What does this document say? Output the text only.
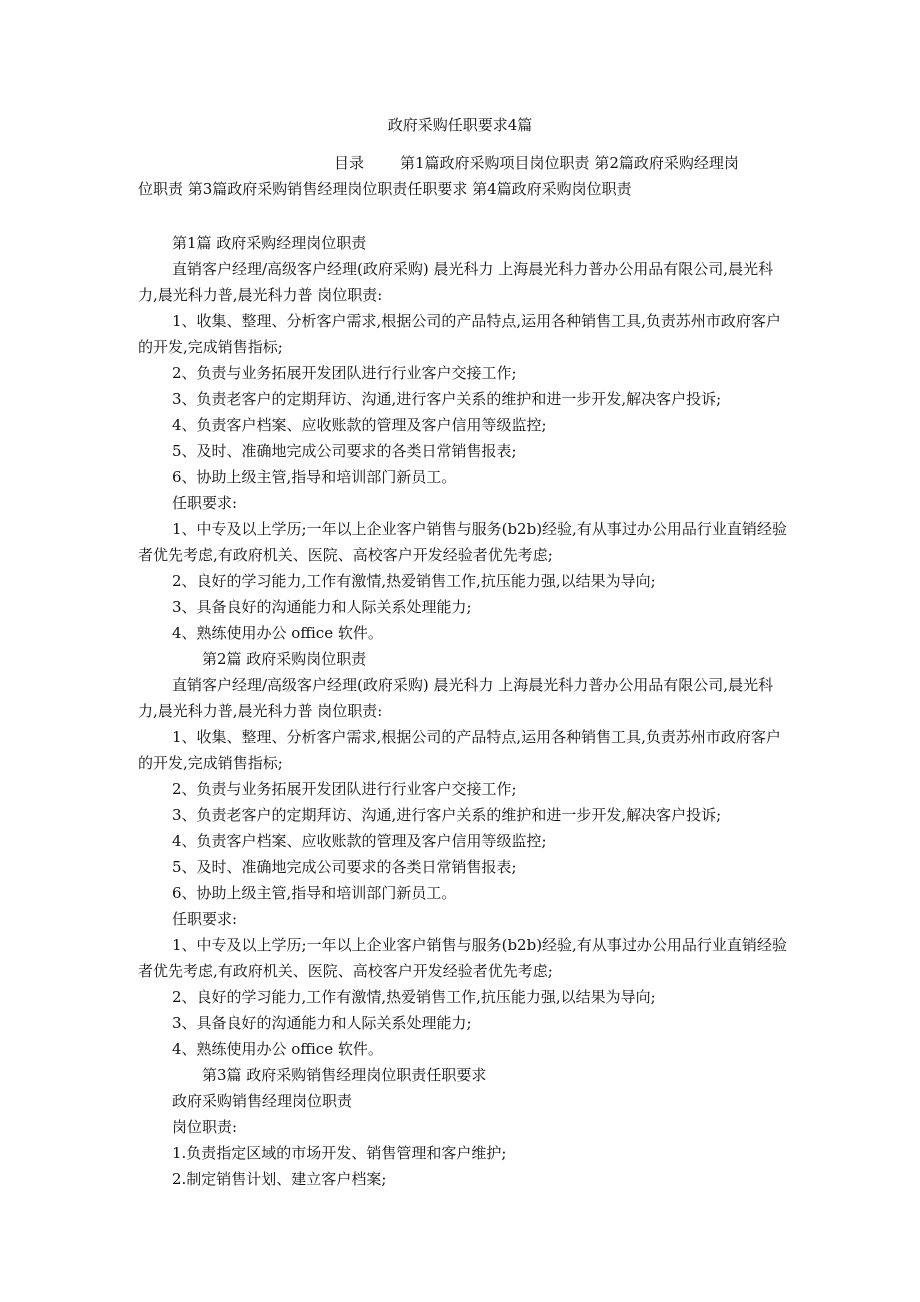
政府采购任职要求4篇
目录 第1篇政府采购项目岗位职责 第2篇政府采购经理岗
位职责 第3篇政府采购销售经理岗位职责任职要求 第4篇政府采购岗位职责

第1篇 政府采购经理岗位职责

直销客户经理/高级客户经理(政府采购) 晨光科力 上海晨光科力普办公用品有限公司,晨光科力,晨光科力普,晨光科力普 岗位职责:

1、收集、整理、分析客户需求,根据公司的产品特点,运用各种销售工具,负责苏州市政府客户的开发,完成销售指标;

2、负责与业务拓展开发团队进行行业客户交接工作;

3、负责老客户的定期拜访、沟通,进行客户关系的维护和进一步开发,解决客户投诉;

4、负责客户档案、应收账款的管理及客户信用等级监控;

5、及时、准确地完成公司要求的各类日常销售报表;

6、协助上级主管,指导和培训部门新员工。

任职要求:

1、中专及以上学历;一年以上企业客户销售与服务(b2b)经验,有从事过办公用品行业直销经验者优先考虑,有政府机关、医院、高校客户开发经验者优先考虑;

2、良好的学习能力,工作有激情,热爱销售工作,抗压能力强,以结果为导向;

3、具备良好的沟通能力和人际关系处理能力;

4、熟练使用办公 office 软件。

第2篇 政府采购岗位职责

直销客户经理/高级客户经理(政府采购) 晨光科力 上海晨光科力普办公用品有限公司,晨光科力,晨光科力普,晨光科力普 岗位职责:

1、收集、整理、分析客户需求,根据公司的产品特点,运用各种销售工具,负责苏州市政府客户的开发,完成销售指标;

2、负责与业务拓展开发团队进行行业客户交接工作;

3、负责老客户的定期拜访、沟通,进行客户关系的维护和进一步开发,解决客户投诉;

4、负责客户档案、应收账款的管理及客户信用等级监控;

5、及时、准确地完成公司要求的各类日常销售报表;

6、协助上级主管,指导和培训部门新员工。

任职要求:

1、中专及以上学历;一年以上企业客户销售与服务(b2b)经验,有从事过办公用品行业直销经验者优先考虑,有政府机关、医院、高校客户开发经验者优先考虑;

2、良好的学习能力,工作有激情,热爱销售工作,抗压能力强,以结果为导向;

3、具备良好的沟通能力和人际关系处理能力;

4、熟练使用办公 office 软件。

第3篇 政府采购销售经理岗位职责任职要求

政府采购销售经理岗位职责

岗位职责:

1.负责指定区域的市场开发、销售管理和客户维护;

2.制定销售计划、建立客户档案;
